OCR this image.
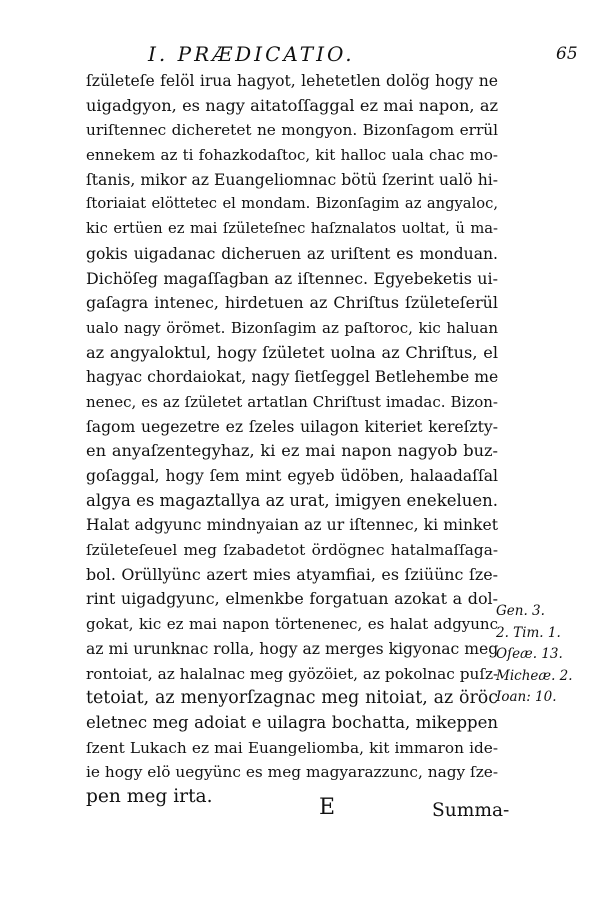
I. PRÆDICATIO.	65
ſzületeſe felöl irua hagyot, lehetetlen dolög hogy ne
uigadgyon, es nagy aitatoſſaggal ez mai napon, az
uriſtennec dicheretet ne mongyon. Bizonſagom errül
ennekem az ti fohazkodaſtoc, kit halloc uala chac mo-
ſtanis, mikor az Euangeliomnac bötü ſzerint ualö hi-
ſtoriaiat elöttetec el mondam. Bizonſagim az angyaloc,
kic ertüen ez mai ſzületeſnec haſznalatos uoltat, ü ma-
gokis uigadanac dicheruen az uriſtent es monduan.
Dichöſeg magaſſagban az iſtennec. Egyebeketis ui-
gaſagra intenec, hirdetuen az Chriſtus ſzületeſerül
ualo nagy örömet. Bizonſagim az paſtoroc, kic haluan
az angyaloktul, hogy ſzületet uolna az Chriſtus, el
hagyac chordaiokat, nagy ſietſeggel Betlehembe me
nenec, es az ſzületet artatlan Chriſtust imadac. Bizon-
ſagom uegezetre ez ſzeles uilagon kiteriet kereſzty-
en anyaſzentegyhaz, ki ez mai napon nagyob buz-
goſaggal, hogy ſem mint egyeb üdöben, halaadaſſal
algya es magaztallya az urat, imigyen enekeluen.
Halat adgyunc mindnyaian az ur iſtennec, ki minket
ſzületeſeuel meg ſzabadetot ördögnec hatalmaſſaga-
bol. Orüllyünc azert mies atyamfiai, es ſziüünc ſze-
rint uigadgyunc, elmenkbe forgatuan azokat a dol-
gokat, kic ez mai napon törtenenec, es halat adgyunc
az mi urunknac rolla, hogy az merges kigyonac meg
rontoiat, az halalnac meg gyözöiet, az pokolnac puſz-
tetoiat, az menyorſzagnac meg nitoiat, az öröc
eletnec meg adoiat e uilagra bochatta, mikeppen
ſzent Lukach ez mai Euangeliomba, kit immaron ide-
ie hogy elö uegyünc es meg magyarazzunc, nagy ſze-
pen meg irta.
Gen. 3.
2. Tim. 1.
Oſeæ. 13.
Micheæ. 2.
Ioan: 10.
E	Summa-
